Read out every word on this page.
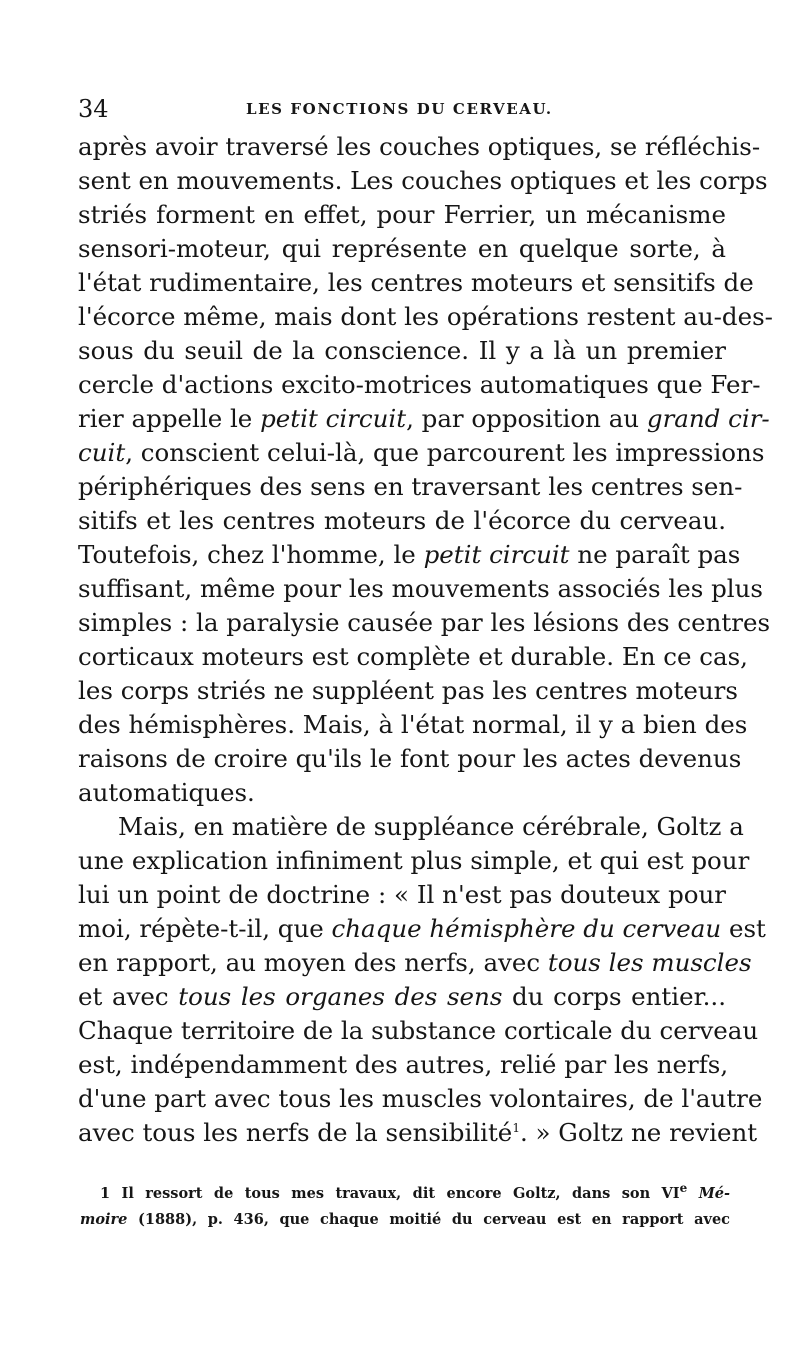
34	LES FONCTIONS DU CERVEAU.
après avoir traversé les couches optiques, se réfléchis-
sent en mouvements. Les couches optiques et les corps
striés forment en effet, pour Ferrier, un mécanisme
sensori-moteur, qui représente en quelque sorte, à
l'état rudimentaire, les centres moteurs et sensitifs de
l'écorce même, mais dont les opérations restent au-des-
sous du seuil de la conscience. Il y a là un premier
cercle d'actions excito-motrices automatiques que Fer-
rier appelle le petit circuit, par opposition au grand cir-
cuit, conscient celui-là, que parcourent les impressions
périphériques des sens en traversant les centres sen-
sitifs et les centres moteurs de l'écorce du cerveau.
Toutefois, chez l'homme, le petit circuit ne paraît pas
suffisant, même pour les mouvements associés les plus
simples : la paralysie causée par les lésions des centres
corticaux moteurs est complète et durable. En ce cas,
les corps striés ne suppléent pas les centres moteurs
des hémisphères. Mais, à l'état normal, il y a bien des
raisons de croire qu'ils le font pour les actes devenus
automatiques.
Mais, en matière de suppléance cérébrale, Goltz a
une explication infiniment plus simple, et qui est pour
lui un point de doctrine : « Il n'est pas douteux pour
moi, répète-t-il, que chaque hémisphère du cerveau est
en rapport, au moyen des nerfs, avec tous les muscles
et avec tous les organes des sens du corps entier...
Chaque territoire de la substance corticale du cerveau
est, indépendamment des autres, relié par les nerfs,
d'une part avec tous les muscles volontaires, de l'autre
avec tous les nerfs de la sensibilité$^1$. » Goltz ne revient
1 Il ressort de tous mes travaux, dit encore Goltz, dans son VIe Mé-
moire (1888), p. 436, que chaque moitié du cerveau est en rapport avec
